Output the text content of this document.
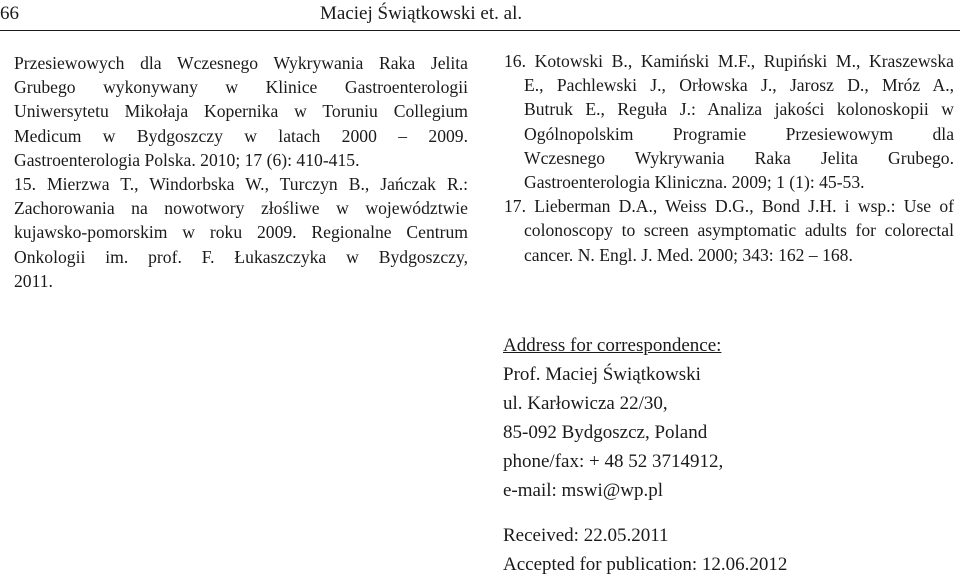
66	Maciej Świątkowski et. al.
Przesiewowych dla Wczesnego Wykrywania Raka Jelita
Grubego wykonywany w Klinice Gastroenterologii
Uniwersytetu Mikołaja Kopernika w Toruniu Collegium
Medicum w Bydgoszczy w latach 2000 – 2009.
Gastroenterologia Polska. 2010; 17 (6): 410-415.
15. Mierzwa T., Windorbska W., Turczyn B., Jańczak R.:
Zachorowania na nowotwory złośliwe w województwie
kujawsko-pomorskim w roku 2009. Regionalne Centrum
Onkologii im. prof. F. Łukaszczyka w Bydgoszczy,
2011.
16. Kotowski B., Kamiński M.F., Rupiński M., Kraszewska
E., Pachlewski J., Orłowska J., Jarosz D., Mróz A.,
Butruk E., Reguła J.: Analiza jakości kolonoskopii w
Ogólnopolskim Programie Przesiewowym dla
Wczesnego Wykrywania Raka Jelita Grubego.
Gastroenterologia Kliniczna. 2009; 1 (1): 45-53.
17. Lieberman D.A., Weiss D.G., Bond J.H. i wsp.: Use of
colonoscopy to screen asymptomatic adults for colorectal
cancer. N. Engl. J. Med. 2000; 343: 162 – 168.
Address for correspondence:
Prof. Maciej Świątkowski
ul. Karłowicza 22/30,
85-092 Bydgoszcz, Poland
phone/fax: + 48 52 3714912,
e-mail: mswi@wp.pl
Received: 22.05.2011
Accepted for publication: 12.06.2012
